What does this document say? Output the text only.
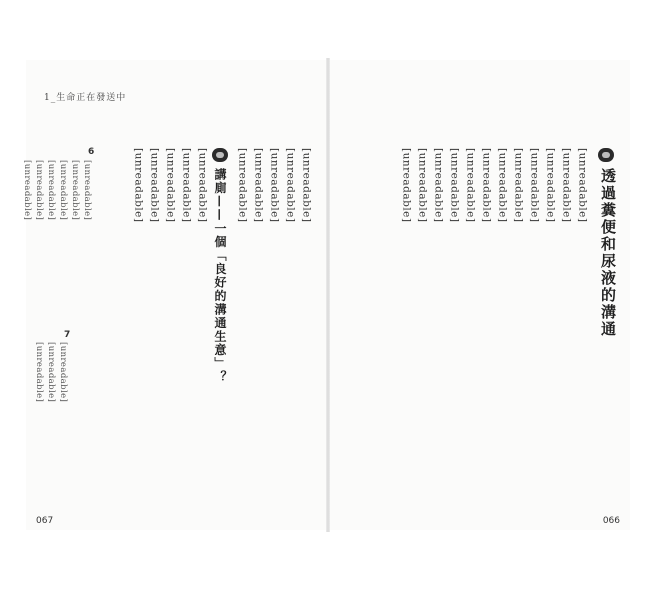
1_生命正在發送中
6
[unreadable]
[unreadable]
[unreadable]
[unreadable]
[unreadable]
[unreadable]
7
[unreadable]
[unreadable]
[unreadable]
[unreadable]
[unreadable]
[unreadable]
[unreadable]
[unreadable]
講廁——一個「良好的溝通生意」？
[unreadable]
[unreadable]
[unreadable]
[unreadable]
[unreadable]
067
透過糞便和尿液的溝通
[unreadable]
[unreadable]
[unreadable]
[unreadable]
[unreadable]
[unreadable]
[unreadable]
[unreadable]
[unreadable]
[unreadable]
[unreadable]
[unreadable]
066
